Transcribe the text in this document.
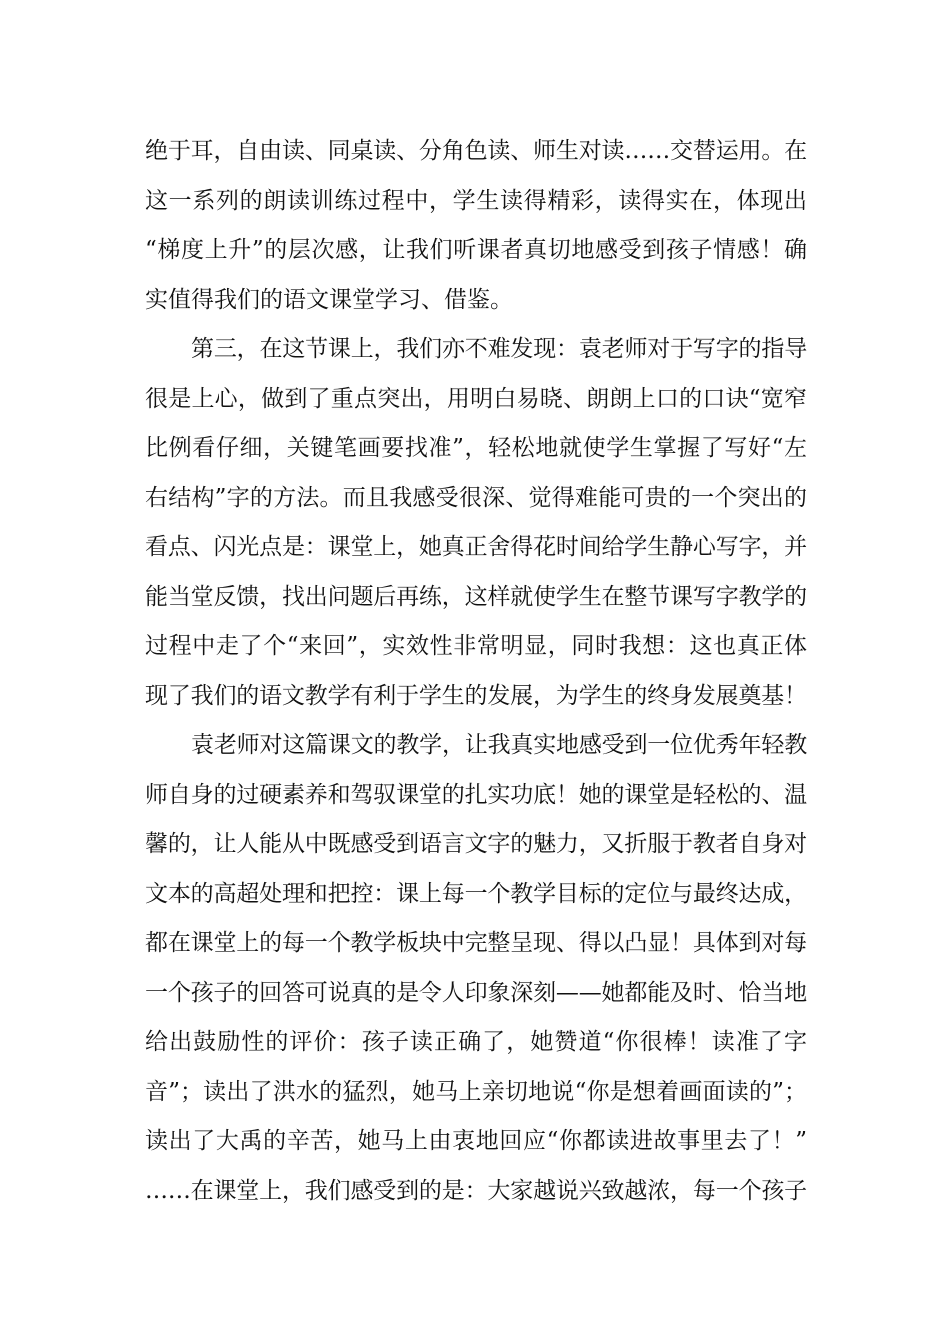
绝于耳，自由读、同桌读、分角色读、师生对读……交替运用。在
这一系列的朗读训练过程中，学生读得精彩，读得实在，体现出
“梯度上升”的层次感，让我们听课者真切地感受到孩子情感！确
实值得我们的语文课堂学习、借鉴。
第三，在这节课上，我们亦不难发现：袁老师对于写字的指导
很是上心，做到了重点突出，用明白易晓、朗朗上口的口诀“宽窄
比例看仔细，关键笔画要找准”，轻松地就使学生掌握了写好“左
右结构”字的方法。而且我感受很深、觉得难能可贵的一个突出的
看点、闪光点是：课堂上，她真正舍得花时间给学生静心写字，并
能当堂反馈，找出问题后再练，这样就使学生在整节课写字教学的
过程中走了个“来回”，实效性非常明显，同时我想：这也真正体
现了我们的语文教学有利于学生的发展，为学生的终身发展奠基！
袁老师对这篇课文的教学，让我真实地感受到一位优秀年轻教
师自身的过硬素养和驾驭课堂的扎实功底！她的课堂是轻松的、温
馨的，让人能从中既感受到语言文字的魅力，又折服于教者自身对
文本的高超处理和把控：课上每一个教学目标的定位与最终达成，
都在课堂上的每一个教学板块中完整呈现、得以凸显！具体到对每
一个孩子的回答可说真的是令人印象深刻——她都能及时、恰当地
给出鼓励性的评价：孩子读正确了，她赞道“你很棒！读准了字
音”；读出了洪水的猛烈，她马上亲切地说“你是想着画面读的”；
读出了大禹的辛苦，她马上由衷地回应“你都读进故事里去了！”
……在课堂上，我们感受到的是：大家越说兴致越浓，每一个孩子
